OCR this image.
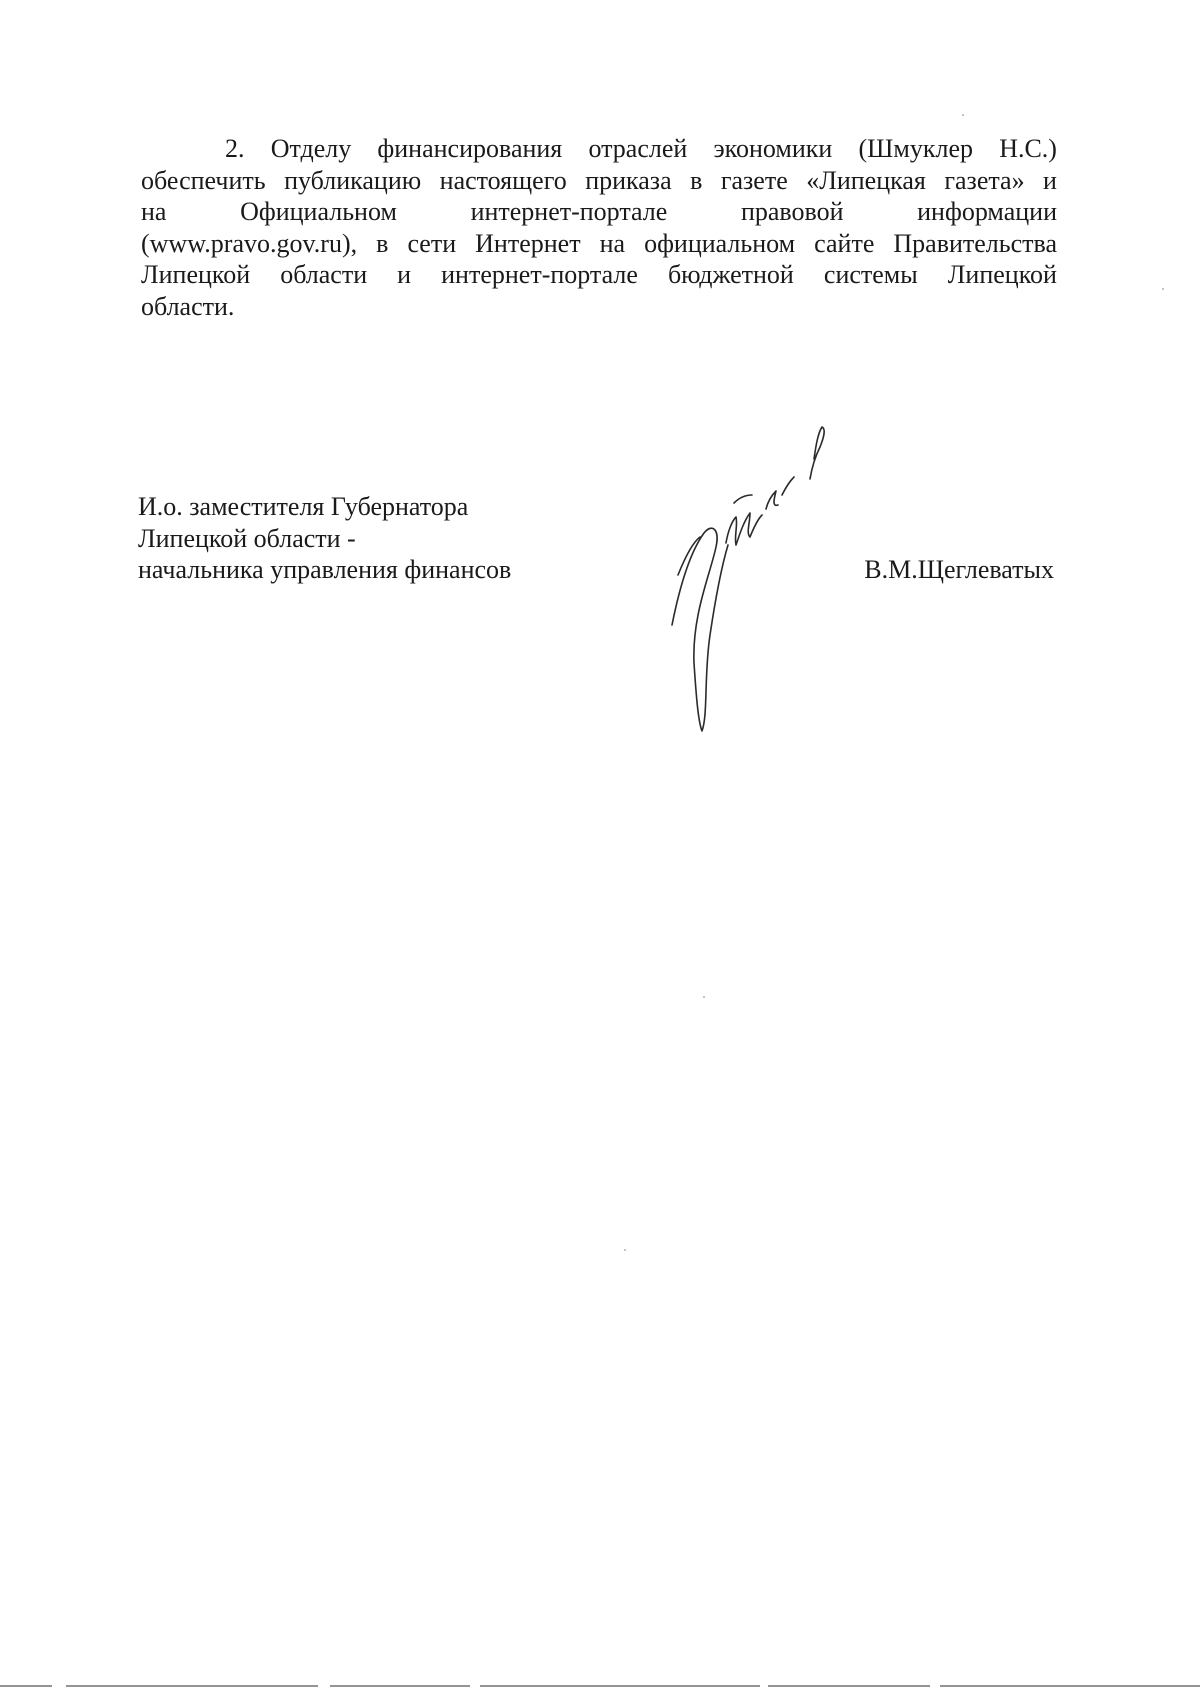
2. Отделу финансирования отраслей экономики (Шмуклер Н.С.)
обеспечить публикацию настоящего приказа в газете «Липецкая газета» и
на	Официальном	интернет-портале	правовой	информации
(www.pravo.gov.ru), в сети Интернет на официальном сайте Правительства
Липецкой области и интернет-портале бюджетной системы Липецкой
области.
И.о. заместителя Губернатора
Липецкой области -
начальника управления финансов	В.М.Щеглеватых
